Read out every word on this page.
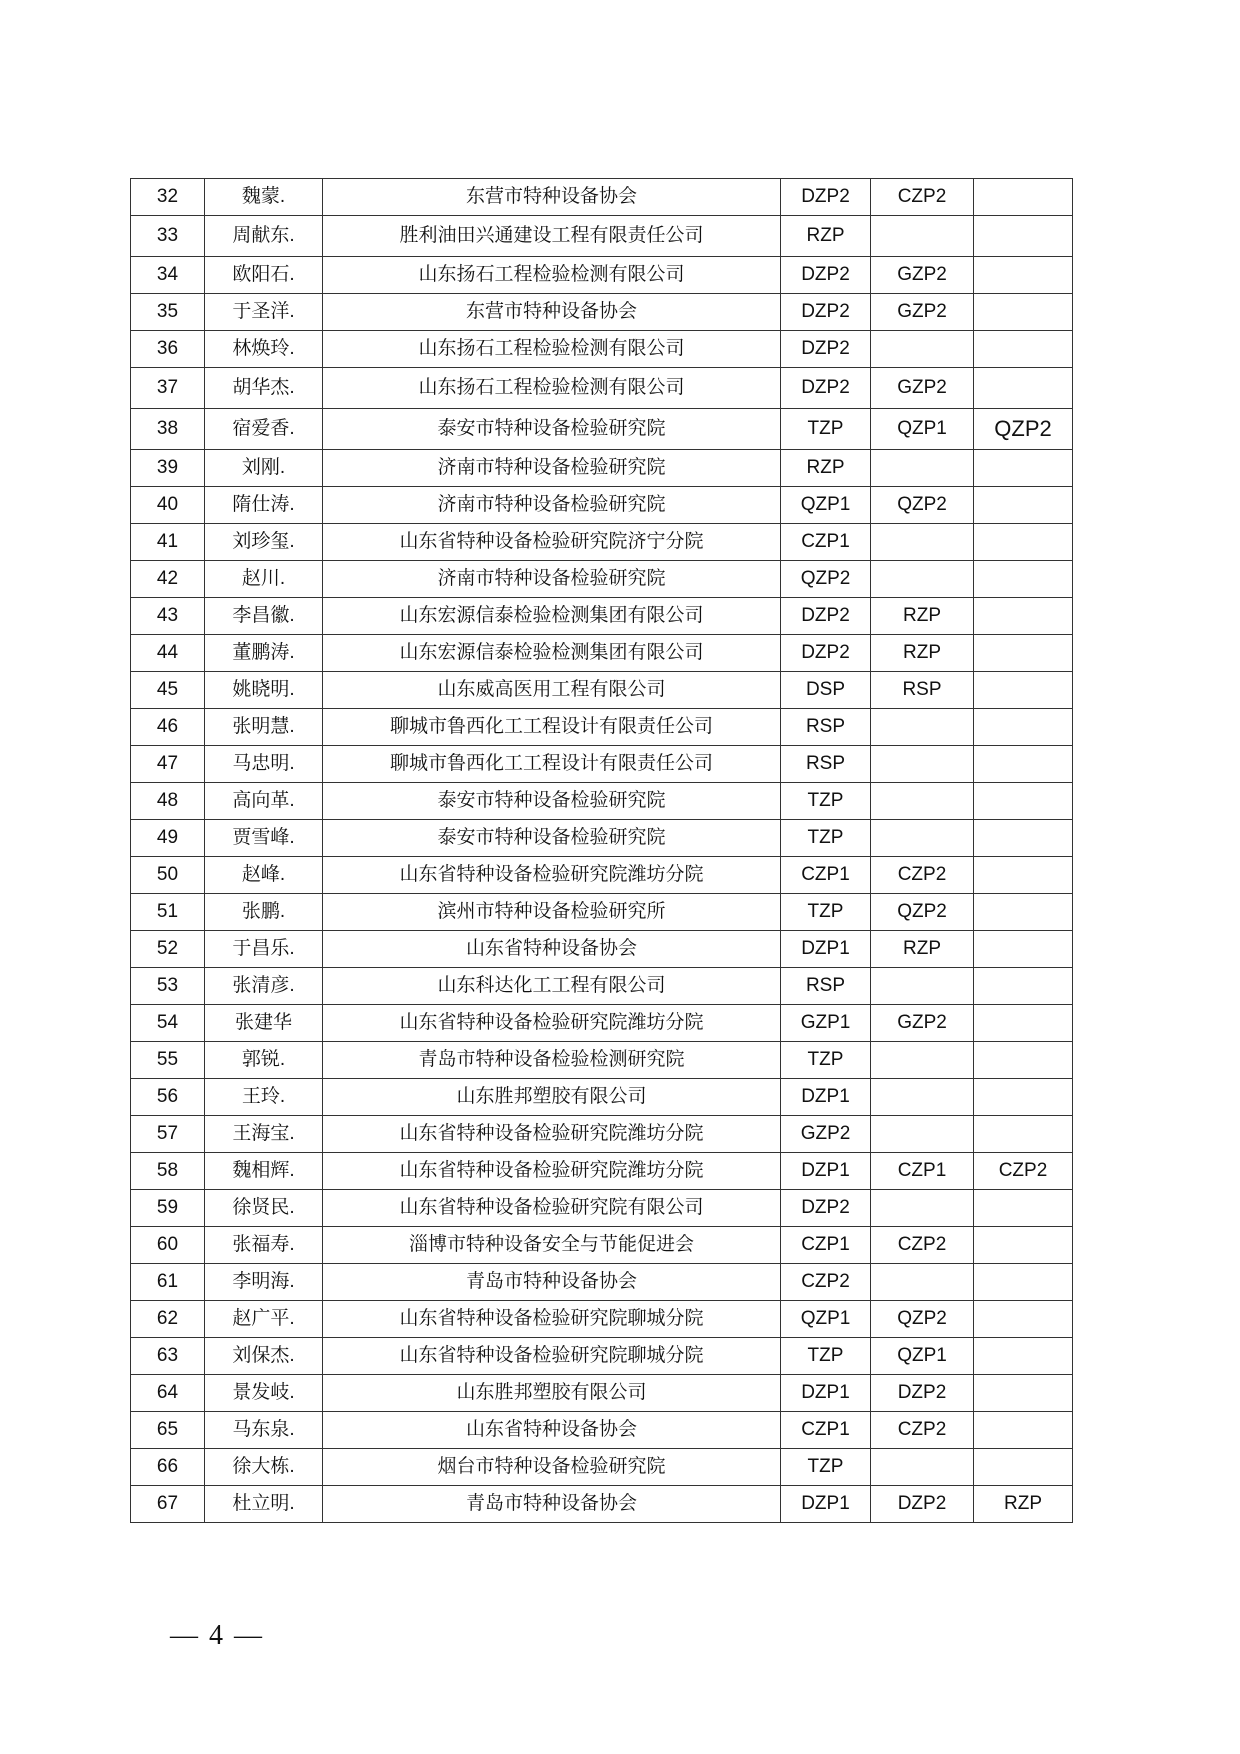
32	魏蒙.	东营市特种设备协会	DZP2	CZP2	
33	周献东.	胜利油田兴通建设工程有限责任公司	RZP		
34	欧阳石.	山东扬石工程检验检测有限公司	DZP2	GZP2	
35	于圣洋.	东营市特种设备协会	DZP2	GZP2	
36	林焕玲.	山东扬石工程检验检测有限公司	DZP2		
37	胡华杰.	山东扬石工程检验检测有限公司	DZP2	GZP2	
38	宿爱香.	泰安市特种设备检验研究院	TZP	QZP1	QZP2
39	刘刚.	济南市特种设备检验研究院	RZP		
40	隋仕涛.	济南市特种设备检验研究院	QZP1	QZP2	
41	刘珍玺.	山东省特种设备检验研究院济宁分院	CZP1		
42	赵川.	济南市特种设备检验研究院	QZP2		
43	李昌徽.	山东宏源信泰检验检测集团有限公司	DZP2	RZP	
44	董鹏涛.	山东宏源信泰检验检测集团有限公司	DZP2	RZP	
45	姚晓明.	山东威高医用工程有限公司	DSP	RSP	
46	张明慧.	聊城市鲁西化工工程设计有限责任公司	RSP		
47	马忠明.	聊城市鲁西化工工程设计有限责任公司	RSP		
48	高向革.	泰安市特种设备检验研究院	TZP		
49	贾雪峰.	泰安市特种设备检验研究院	TZP		
50	赵峰.	山东省特种设备检验研究院潍坊分院	CZP1	CZP2	
51	张鹏.	滨州市特种设备检验研究所	TZP	QZP2	
52	于昌乐.	山东省特种设备协会	DZP1	RZP	
53	张清彦.	山东科达化工工程有限公司	RSP		
54	张建华	山东省特种设备检验研究院潍坊分院	GZP1	GZP2	
55	郭锐.	青岛市特种设备检验检测研究院	TZP		
56	王玲.	山东胜邦塑胶有限公司	DZP1		
57	王海宝.	山东省特种设备检验研究院潍坊分院	GZP2		
58	魏相辉.	山东省特种设备检验研究院潍坊分院	DZP1	CZP1	CZP2
59	徐贤民.	山东省特种设备检验研究院有限公司	DZP2		
60	张福寿.	淄博市特种设备安全与节能促进会	CZP1	CZP2	
61	李明海.	青岛市特种设备协会	CZP2		
62	赵广平.	山东省特种设备检验研究院聊城分院	QZP1	QZP2	
63	刘保杰.	山东省特种设备检验研究院聊城分院	TZP	QZP1	
64	景发岐.	山东胜邦塑胶有限公司	DZP1	DZP2	
65	马东泉.	山东省特种设备协会	CZP1	CZP2	
66	徐大栋.	烟台市特种设备检验研究院	TZP		
67	杜立明.	青岛市特种设备协会	DZP1	DZP2	RZP
— 4 —
